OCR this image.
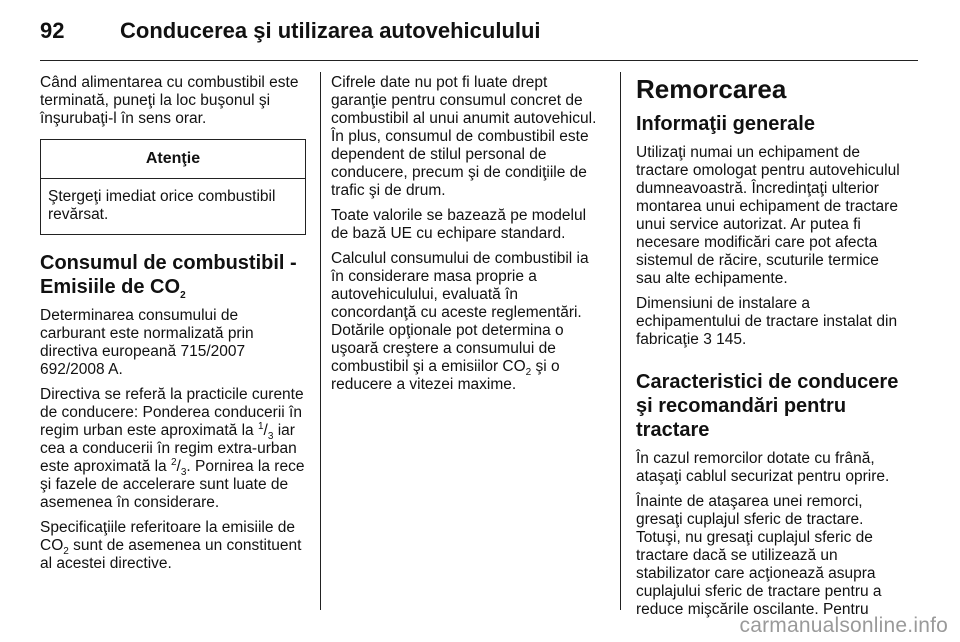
92	Conducerea şi utilizarea autovehiculului

Când alimentarea cu combustibil este terminată, puneţi la loc buşonul şi înşurubaţi-l în sens orar.

Atenţie
Ştergeţi imediat orice combustibil revărsat.
Consumul de combustibil - Emisiile de $CO_2$

Determinarea consumului de carburant este normalizată prin directiva europeană 715/2007 692/2008 A.

Directiva se referă la practicile curente de conducere: Ponderea conducerii în regim urban este aproximată la $^1/_3$ iar cea a conducerii în regim extra-urban este aproximată la $^2/_3$. Pornirea la rece şi fazele de accelerare sunt luate de asemenea în considerare.

Specificaţiile referitoare la emisiile de $CO_2$ sunt de asemenea un constituent al acestei directive.

Cifrele date nu pot fi luate drept garanţie pentru consumul concret de combustibil al unui anumit autovehicul. În plus, consumul de combustibil este dependent de stilul personal de conducere, precum şi de condiţiile de trafic şi de drum.

Toate valorile se bazează pe modelul de bază UE cu echipare standard.

Calculul consumului de combustibil ia în considerare masa proprie a autovehiculului, evaluată în concordanţă cu aceste reglementări. Dotările opţionale pot determina o uşoară creştere a consumului de combustibil şi a emisiilor $CO_2$ şi o reducere a vitezei maxime.

Remorcarea
Informaţii generale

Utilizaţi numai un echipament de tractare omologat pentru autovehiculul dumneavoastră. Încredinţaţi ulterior montarea unui echipament de tractare unui service autorizat. Ar putea fi necesare modificări care pot afecta sistemul de răcire, scuturile termice sau alte echipamente.

Dimensiuni de instalare a echipamentului de tractare instalat din fabricaţie 3 145.

Caracteristici de conducere şi recomandări pentru tractare

În cazul remorcilor dotate cu frână, ataşaţi cablul securizat pentru oprire.

Înainte de ataşarea unei remorci, gresaţi cuplajul sferic de tractare. Totuşi, nu gresaţi cuplajul sferic de tractare dacă se utilizează un stabilizator care acţionează asupra cuplajului sferic de tractare pentru a reduce mişcările oscilante. Pentru

carmanualsonline.info
